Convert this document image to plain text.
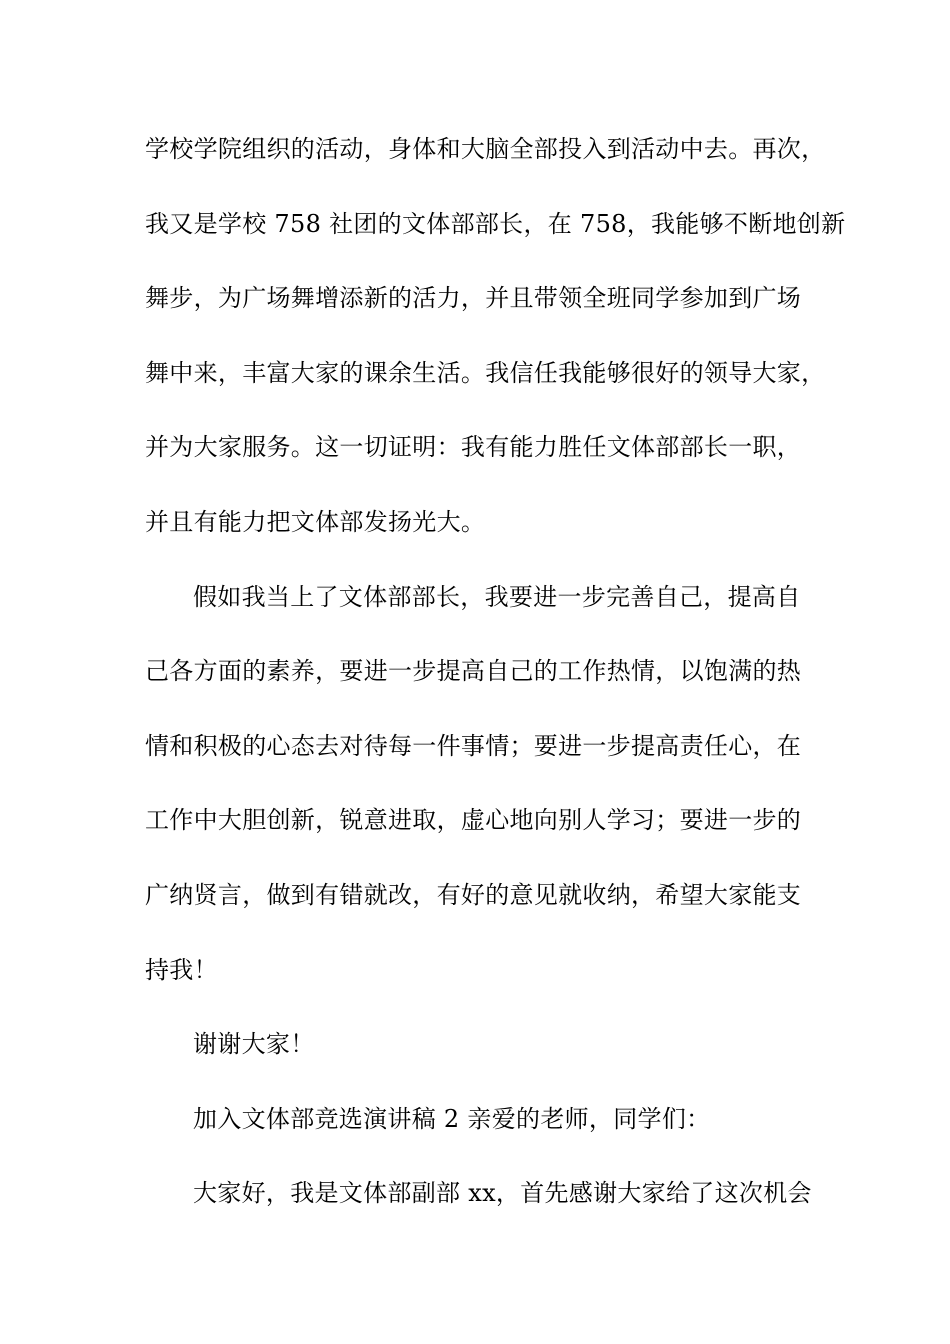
学校学院组织的活动，身体和大脑全部投入到活动中去。再次，
我又是学校 758 社团的文体部部长，在 758，我能够不断地创新
舞步，为广场舞增添新的活力，并且带领全班同学参加到广场
舞中来，丰富大家的课余生活。我信任我能够很好的领导大家，
并为大家服务。这一切证明：我有能力胜任文体部部长一职，
并且有能力把文体部发扬光大。
假如我当上了文体部部长，我要进一步完善自己，提高自
己各方面的素养，要进一步提高自己的工作热情，以饱满的热
情和积极的心态去对待每一件事情；要进一步提高责任心，在
工作中大胆创新，锐意进取，虚心地向别人学习；要进一步的
广纳贤言，做到有错就改，有好的意见就收纳，希望大家能支
持我！
谢谢大家！
加入文体部竞选演讲稿 2 亲爱的老师，同学们：
大家好，我是文体部副部 xx，首先感谢大家给了这次机会
